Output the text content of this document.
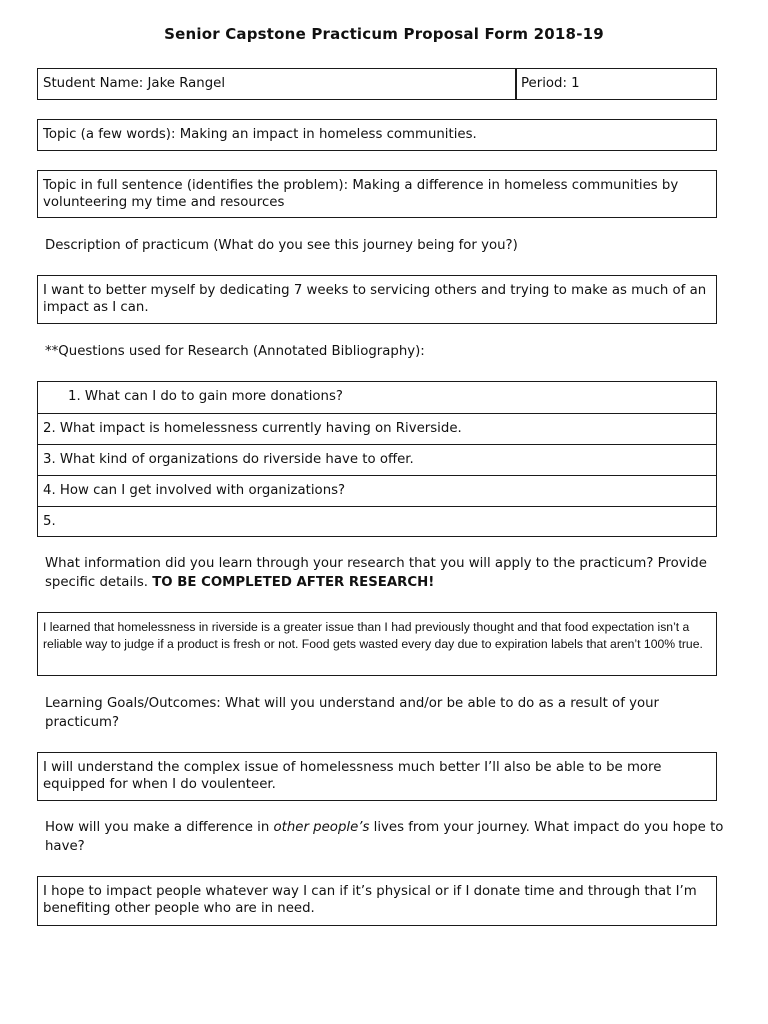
Senior Capstone Practicum Proposal Form 2018-19
Student Name: Jake Rangel	Period: 1
Topic (a few words): Making an impact in homeless communities.
Topic in full sentence (identifies the problem): Making a difference in homeless communities by volunteering my time and resources
Description of practicum (What do you see this journey being for you?)
I want to better myself by dedicating 7 weeks to servicing others and trying to make as much of an impact as I can.
**Questions used for Research (Annotated Bibliography):
1. What can I do to gain more donations?
2. What impact is homelessness currently having on Riverside.
3. What kind of organizations do riverside have to offer.
4. How can I get involved with organizations?
5.
What information did you learn through your research that you will apply to the practicum? Provide specific details. TO BE COMPLETED AFTER RESEARCH!
I learned that homelessness in riverside is a greater issue than I had previously thought and that food expectation isn’t a reliable way to judge if a product is fresh or not. Food gets wasted every day due to expiration labels that aren’t 100% true.
Learning Goals/Outcomes: What will you understand and/or be able to do as a result of your practicum?
I will understand the complex issue of homelessness much better I’ll also be able to be more equipped for when I do voulenteer.
How will you make a difference in other people’s lives from your journey. What impact do you hope to have?
I hope to impact people whatever way I can if it’s physical or if I donate time and through that I’m benefiting other people who are in need.
